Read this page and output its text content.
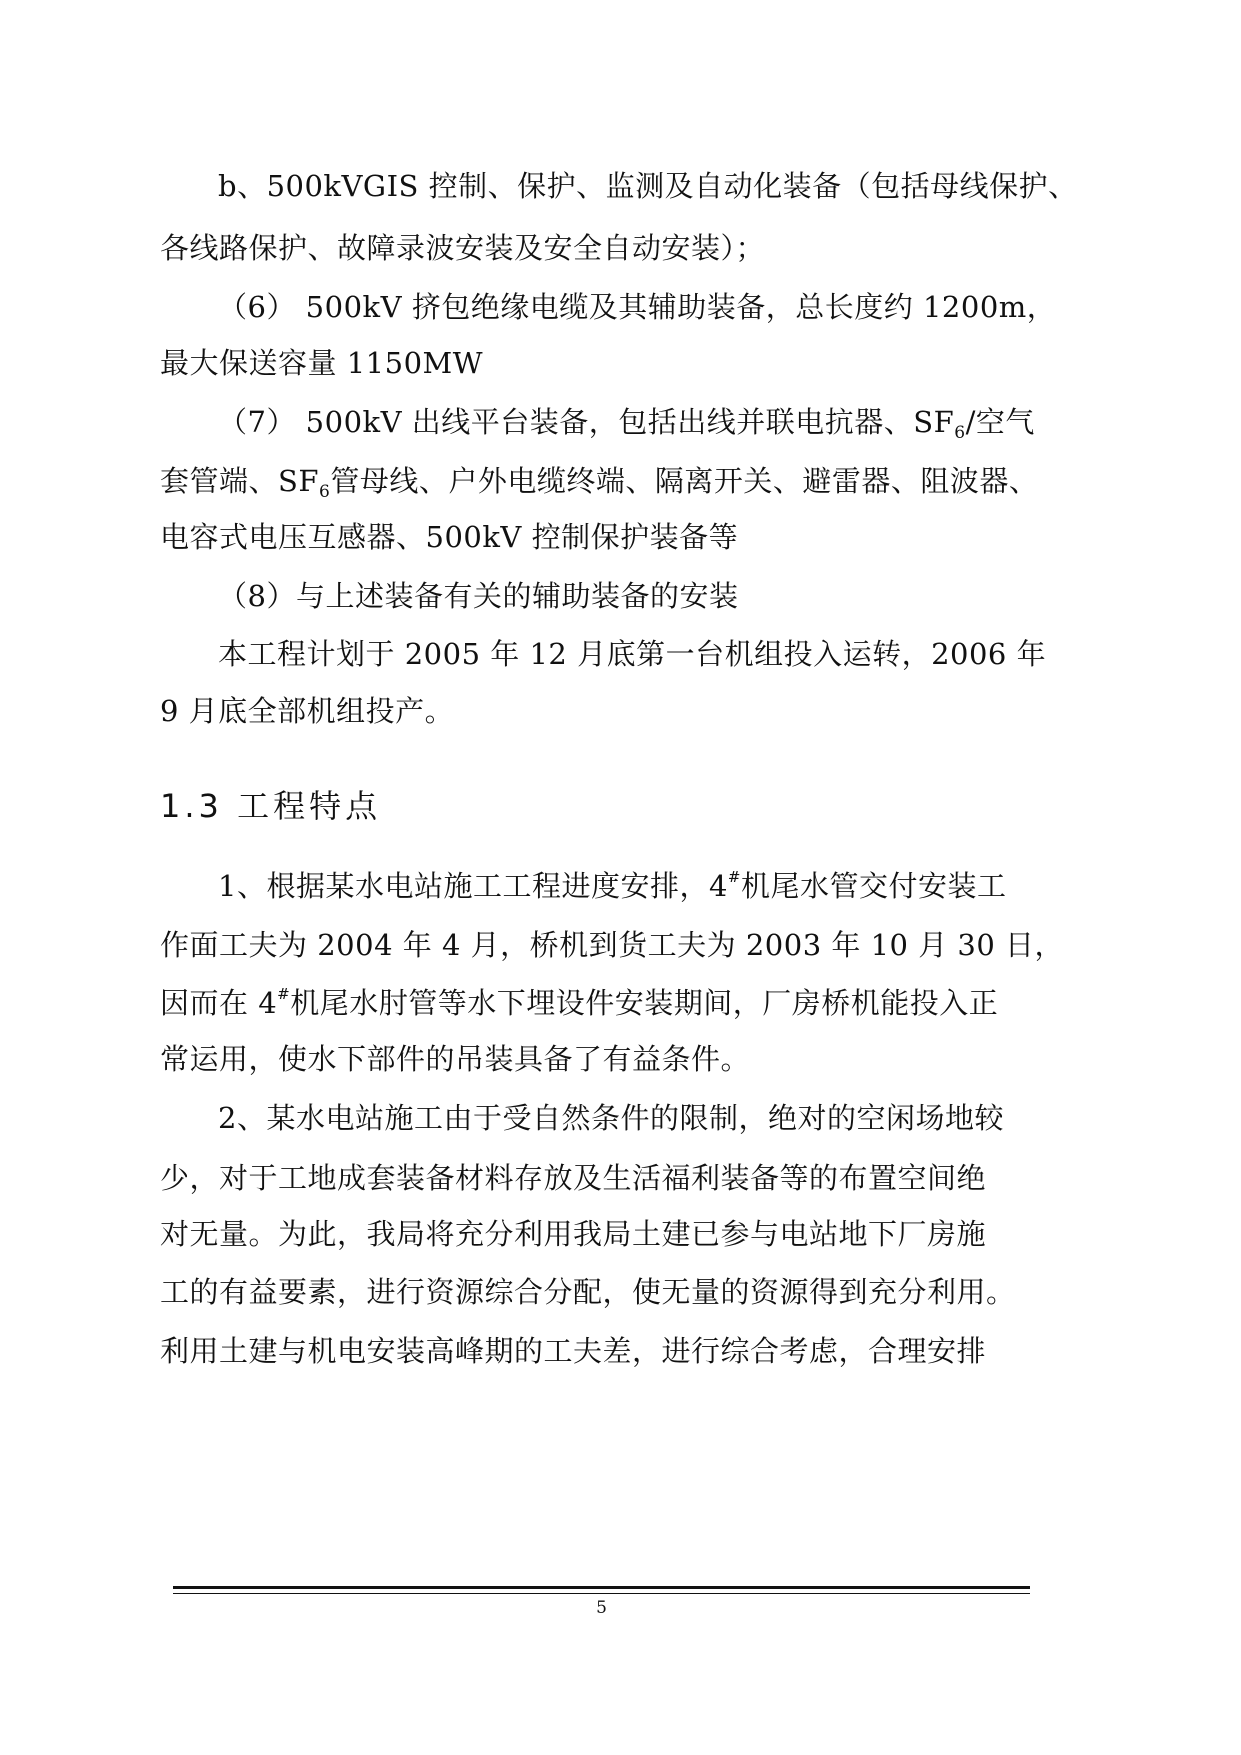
b、500kVGIS 控制、保护、监测及自动化装备（包括母线保护、
各线路保护、故障录波安装及安全自动安装）；
（6） 500kV 挤包绝缘电缆及其辅助装备，总长度约 1200m，
最大保送容量 1150MW
（7） 500kV 出线平台装备，包括出线并联电抗器、$SF_6/$空气
套管端、$SF_6$管母线、户外电缆终端、隔离开关、避雷器、阻波器、
电容式电压互感器、500kV 控制保护装备等
（8）与上述装备有关的辅助装备的安装
本工程计划于 2005 年 12 月底第一台机组投入运转，2006 年
9 月底全部机组投产。
1.3 工程特点
1、根据某水电站施工工程进度安排，4#机尾水管交付安装工
作面工夫为 2004 年 4 月，桥机到货工夫为 2003 年 10 月 30 日，
因而在 4#机尾水肘管等水下埋设件安装期间，厂房桥机能投入正
常运用，使水下部件的吊装具备了有益条件。
2、某水电站施工由于受自然条件的限制，绝对的空闲场地较
少，对于工地成套装备材料存放及生活福利装备等的布置空间绝
对无量。为此，我局将充分利用我局土建已参与电站地下厂房施
工的有益要素，进行资源综合分配，使无量的资源得到充分利用。
利用土建与机电安装高峰期的工夫差，进行综合考虑，合理安排
5
